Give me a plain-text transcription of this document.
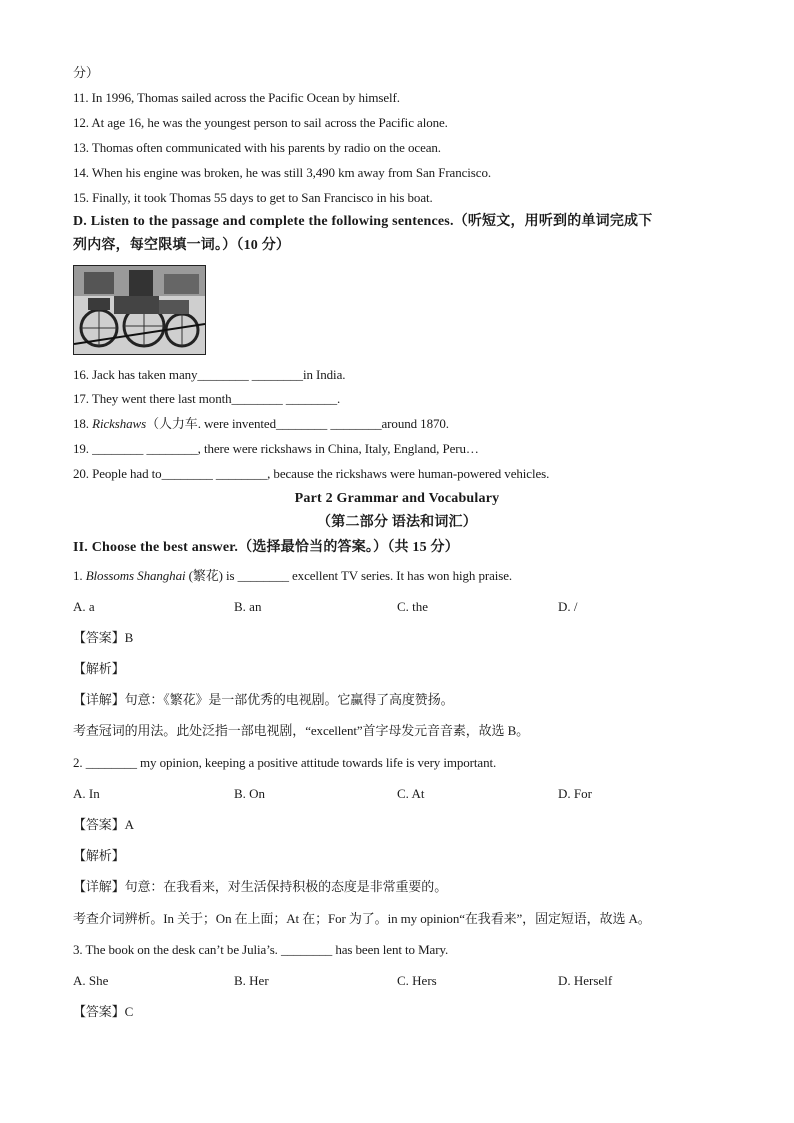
分）
11. In 1996, Thomas sailed across the Pacific Ocean by himself.
12. At age 16, he was the youngest person to sail across the Pacific alone.
13. Thomas often communicated with his parents by radio on the ocean.
14. When his engine was broken, he was still 3,490 km away from San Francisco.
15. Finally, it took Thomas 55 days to get to San Francisco in his boat.
D. Listen to the passage and complete the following sentences.（听短文，用听到的单词完成下
列内容，每空限填一词。）（10 分）
16. Jack has taken many________ ________in India.
17. They went there last month________ ________.
18. Rickshaws（人力车. were invented________ ________around 1870.
19. ________ ________, there were rickshaws in China, Italy, England, Peru…
20. People had to________ ________, because the rickshaws were human-powered vehicles.
Part 2 Grammar and Vocabulary
（第二部分 语法和词汇）
II. Choose the best answer.（选择最恰当的答案。）（共 15 分）
1. Blossoms Shanghai (繁花) is ________ excellent TV series. It has won high praise.
A. a	B. an	C. the	D. /
【答案】B
【解析】
【详解】句意：《繁花》是一部优秀的电视剧。它赢得了高度赞扬。
考查冠词的用法。此处泛指一部电视剧，“excellent”首字母发元音音素，故选 B。
2. ________ my opinion, keeping a positive attitude towards life is very important.
A. In	B. On	C. At	D. For
【答案】A
【解析】
【详解】句意：在我看来，对生活保持积极的态度是非常重要的。
考查介词辨析。In 关于；On 在上面；At 在；For 为了。in my opinion“在我看来”，固定短语，故选 A。
3. The book on the desk can’t be Julia’s. ________ has been lent to Mary.
A. She	B. Her	C. Hers	D. Herself
【答案】C
